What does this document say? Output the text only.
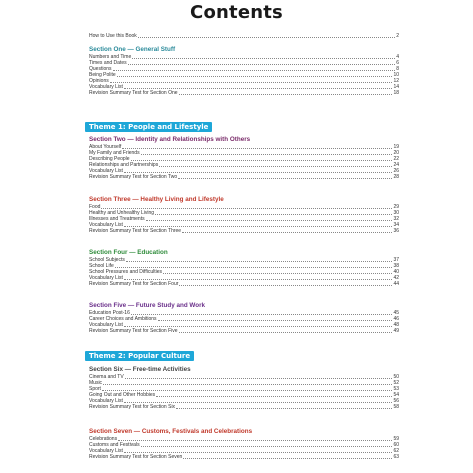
Contents
How to Use this Book	2
Section One — General Stuff
Numbers and Time	4
Times and Dates	6
Questions	8
Being Polite	10
Opinions	12
Vocabulary List	14
Revision Summary Test for Section One	18
Theme 1: People and Lifestyle
Section Two — Identity and Relationships with Others
About Yourself	19
My Family and Friends	20
Describing People	22
Relationships and Partnerships	24
Vocabulary List	26
Revision Summary Test for Section Two	28
Section Three — Healthy Living and Lifestyle
Food	29
Healthy and Unhealthy Living	30
Illnesses and Treatments	32
Vocabulary List	34
Revision Summary Test for Section Three	36
Section Four — Education
School Subjects	37
School Life	38
School Pressures and Difficulties	40
Vocabulary List	42
Revision Summary Test for Section Four	44
Section Five — Future Study and Work
Education Post-16	45
Career Choices and Ambitions	46
Vocabulary List	48
Revision Summary Test for Section Five	49
Theme 2: Popular Culture
Section Six — Free-time Activities
Cinema and TV	50
Music	52
Sport	53
Going Out and Other Hobbies	54
Vocabulary List	56
Revision Summary Test for Section Six	58
Section Seven — Customs, Festivals and Celebrations
Celebrations	59
Customs and Festivals	60
Vocabulary List	62
Revision Summary Test for Section Seven	63
